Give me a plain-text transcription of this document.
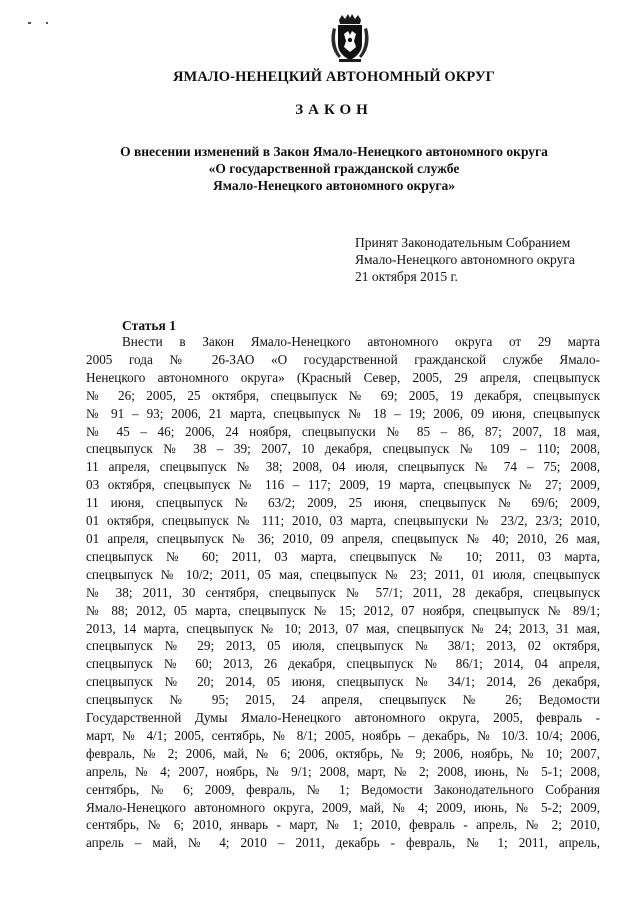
ЯМАЛО-НЕНЕЦКИЙ АВТОНОМНЫЙ ОКРУГ
ЗАКОН
О внесении изменений в Закон Ямало-Ненецкого автономного округа
«О государственной гражданской службе
Ямало-Ненецкого автономного округа»
Принят Законодательным Собранием
Ямало-Ненецкого автономного округа
21 октября 2015 г.
Статья 1
Внести в Закон Ямало-Ненецкого автономного округа от 29 марта
2005 года № 26-ЗАО «О государственной гражданской службе Ямало-
Ненецкого автономного округа» (Красный Север, 2005, 29 апреля, спецвыпуск
№ 26; 2005, 25 октября, спецвыпуск № 69; 2005, 19 декабря, спецвыпуск
№ 91 – 93; 2006, 21 марта, спецвыпуск № 18 – 19; 2006, 09 июня, спецвыпуск
№ 45 – 46; 2006, 24 ноября, спецвыпуски № 85 – 86, 87; 2007, 18 мая,
спецвыпуск № 38 – 39; 2007, 10 декабря, спецвыпуск № 109 – 110; 2008,
11 апреля, спецвыпуск № 38; 2008, 04 июля, спецвыпуск № 74 – 75; 2008,
03 октября, спецвыпуск № 116 – 117; 2009, 19 марта, спецвыпуск № 27; 2009,
11 июня, спецвыпуск № 63/2; 2009, 25 июня, спецвыпуск № 69/6; 2009,
01 октября, спецвыпуск № 111; 2010, 03 марта, спецвыпуски № 23/2, 23/3; 2010,
01 апреля, спецвыпуск № 36; 2010, 09 апреля, спецвыпуск № 40; 2010, 26 мая,
спецвыпуск № 60; 2011, 03 марта, спецвыпуск № 10; 2011, 03 марта,
спецвыпуск № 10/2; 2011, 05 мая, спецвыпуск № 23; 2011, 01 июля, спецвыпуск
№ 38; 2011, 30 сентября, спецвыпуск № 57/1; 2011, 28 декабря, спецвыпуск
№ 88; 2012, 05 марта, спецвыпуск № 15; 2012, 07 ноября, спецвыпуск № 89/1;
2013, 14 марта, спецвыпуск № 10; 2013, 07 мая, спецвыпуск № 24; 2013, 31 мая,
спецвыпуск № 29; 2013, 05 июля, спецвыпуск № 38/1; 2013, 02 октября,
спецвыпуск № 60; 2013, 26 декабря, спецвыпуск № 86/1; 2014, 04 апреля,
спецвыпуск № 20; 2014, 05 июня, спецвыпуск № 34/1; 2014, 26 декабря,
спецвыпуск № 95; 2015, 24 апреля, спецвыпуск № 26; Ведомости
Государственной Думы Ямало-Ненецкого автономного округа, 2005, февраль -
март, № 4/1; 2005, сентябрь, № 8/1; 2005, ноябрь – декабрь, № 10/3. 10/4; 2006,
февраль, № 2; 2006, май, № 6; 2006, октябрь, № 9; 2006, ноябрь, № 10; 2007,
апрель, № 4; 2007, ноябрь, № 9/1; 2008, март, № 2; 2008, июнь, № 5-1; 2008,
сентябрь, № 6; 2009, февраль, № 1; Ведомости Законодательного Собрания
Ямало-Ненецкого автономного округа, 2009, май, № 4; 2009, июнь, № 5-2; 2009,
сентябрь, № 6; 2010, январь - март, № 1; 2010, февраль - апрель, № 2; 2010,
апрель – май, № 4; 2010 – 2011, декабрь - февраль, № 1; 2011, апрель,
